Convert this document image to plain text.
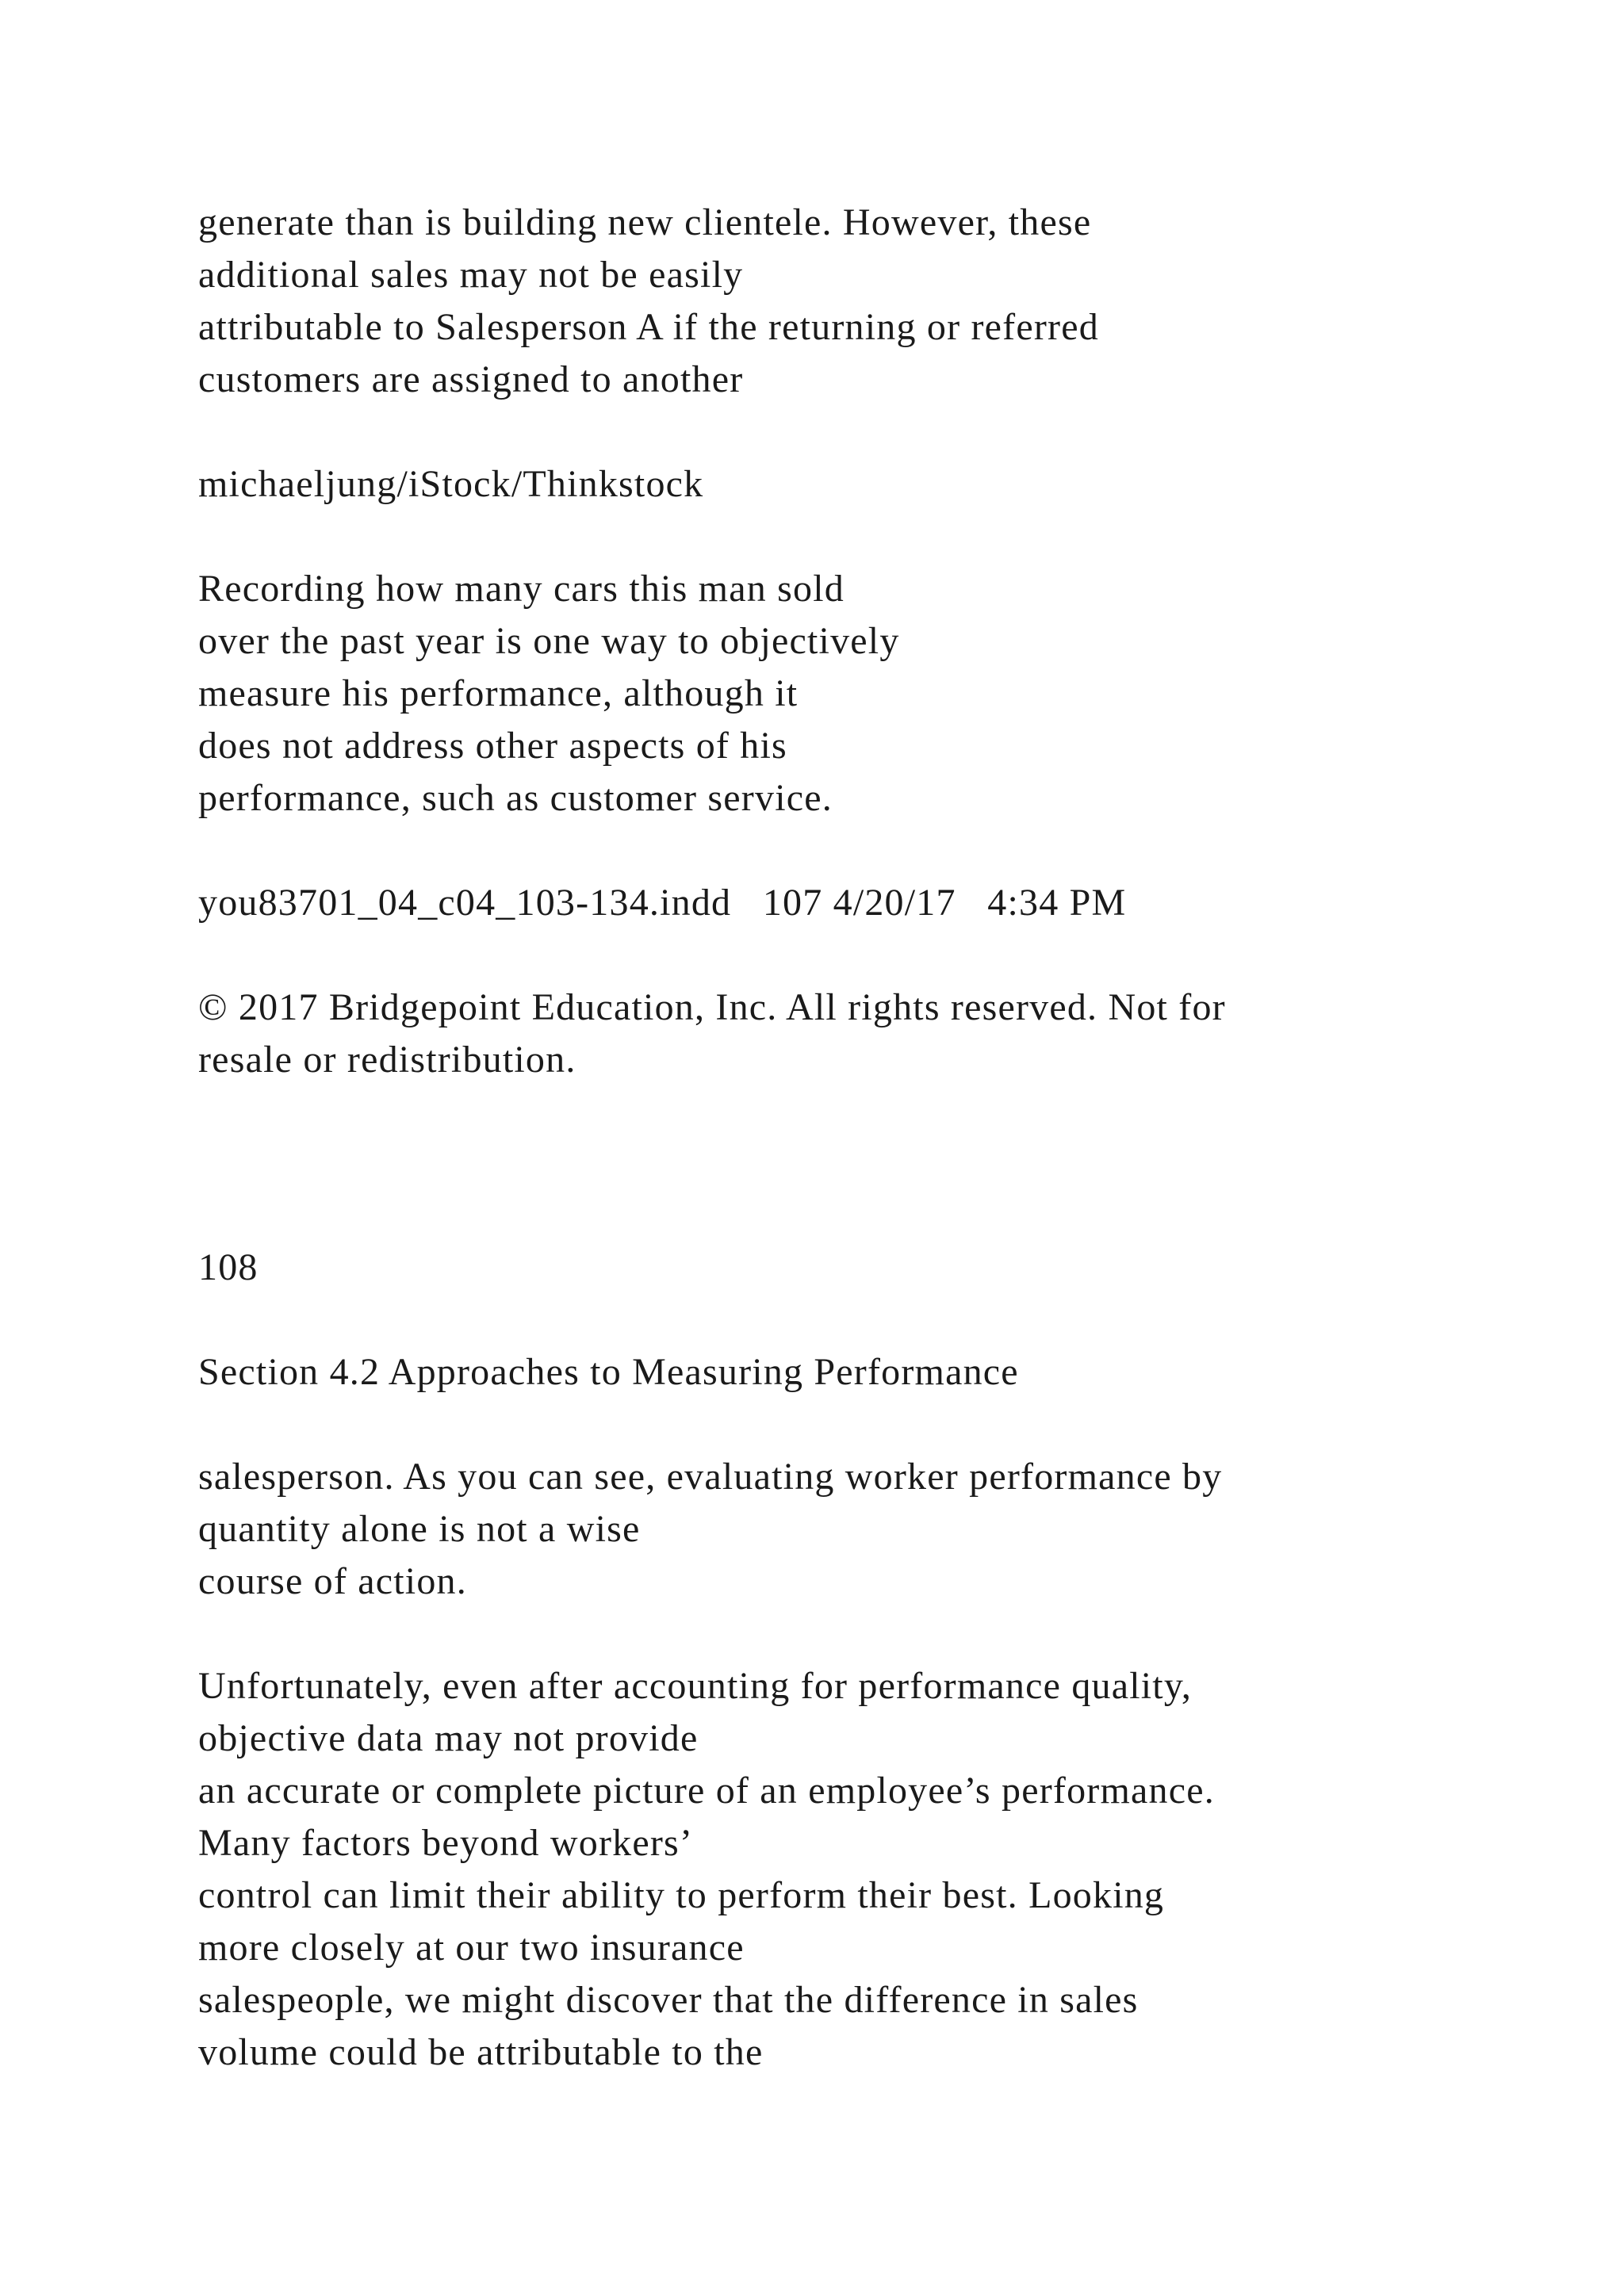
generate than is building new clientele. However, these

additional sales may not be easily

attributable to Salesperson A if the returning or referred

customers are assigned to another

michaeljung/iStock/Thinkstock

Recording how many cars this man sold

over the past year is one way to objectively

measure his performance, although it

does not address other aspects of his

performance, such as customer service.

you83701_04_c04_103-134.indd   107 4/20/17   4:34 PM

© 2017 Bridgepoint Education, Inc. All rights reserved. Not for

resale or redistribution.

108

Section 4.2 Approaches to Measuring Performance

salesperson. As you can see, evaluating worker performance by

quantity alone is not a wise

course of action.

Unfortunately, even after accounting for performance quality,

objective data may not provide

an accurate or complete picture of an employee’s performance.

Many factors beyond workers’

control can limit their ability to perform their best. Looking

more closely at our two insurance

salespeople, we might discover that the difference in sales

volume could be attributable to the
